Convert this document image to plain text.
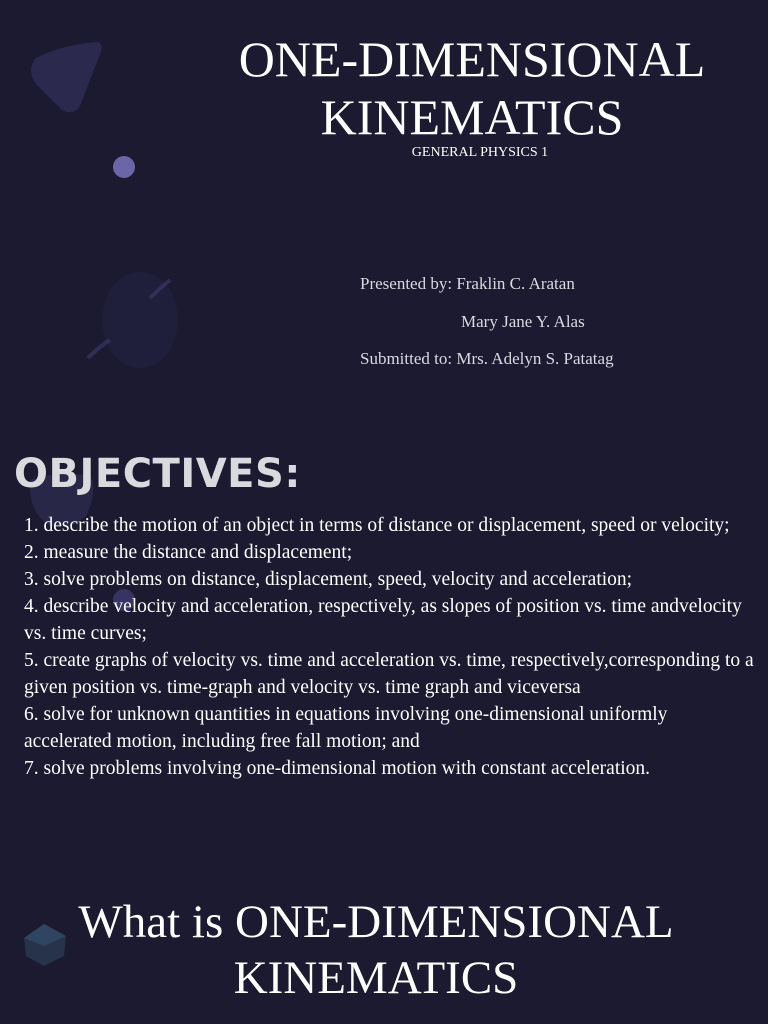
ONE-DIMENSIONAL
KINEMATICS
GENERAL PHYSICS 1
Presented by: Fraklin C. Aratan
Mary Jane Y. Alas
Submitted to: Mrs. Adelyn S. Patatag
OBJECTIVES:
1. describe the motion of an object in terms of distance or displacement, speed or velocity;
2. measure the distance and displacement;
3. solve problems on distance, displacement, speed, velocity and acceleration;
4. describe velocity and acceleration, respectively, as slopes of position vs. time andvelocity vs. time curves;
5. create graphs of velocity vs. time and acceleration vs. time, respectively,corresponding to a given position vs. time-graph and velocity vs. time graph and viceversa
6. solve for unknown quantities in equations involving one-dimensional uniformly accelerated motion, including free fall motion; and
7. solve problems involving one-dimensional motion with constant acceleration.
What is ONE-DIMENSIONAL
KINEMATICS
